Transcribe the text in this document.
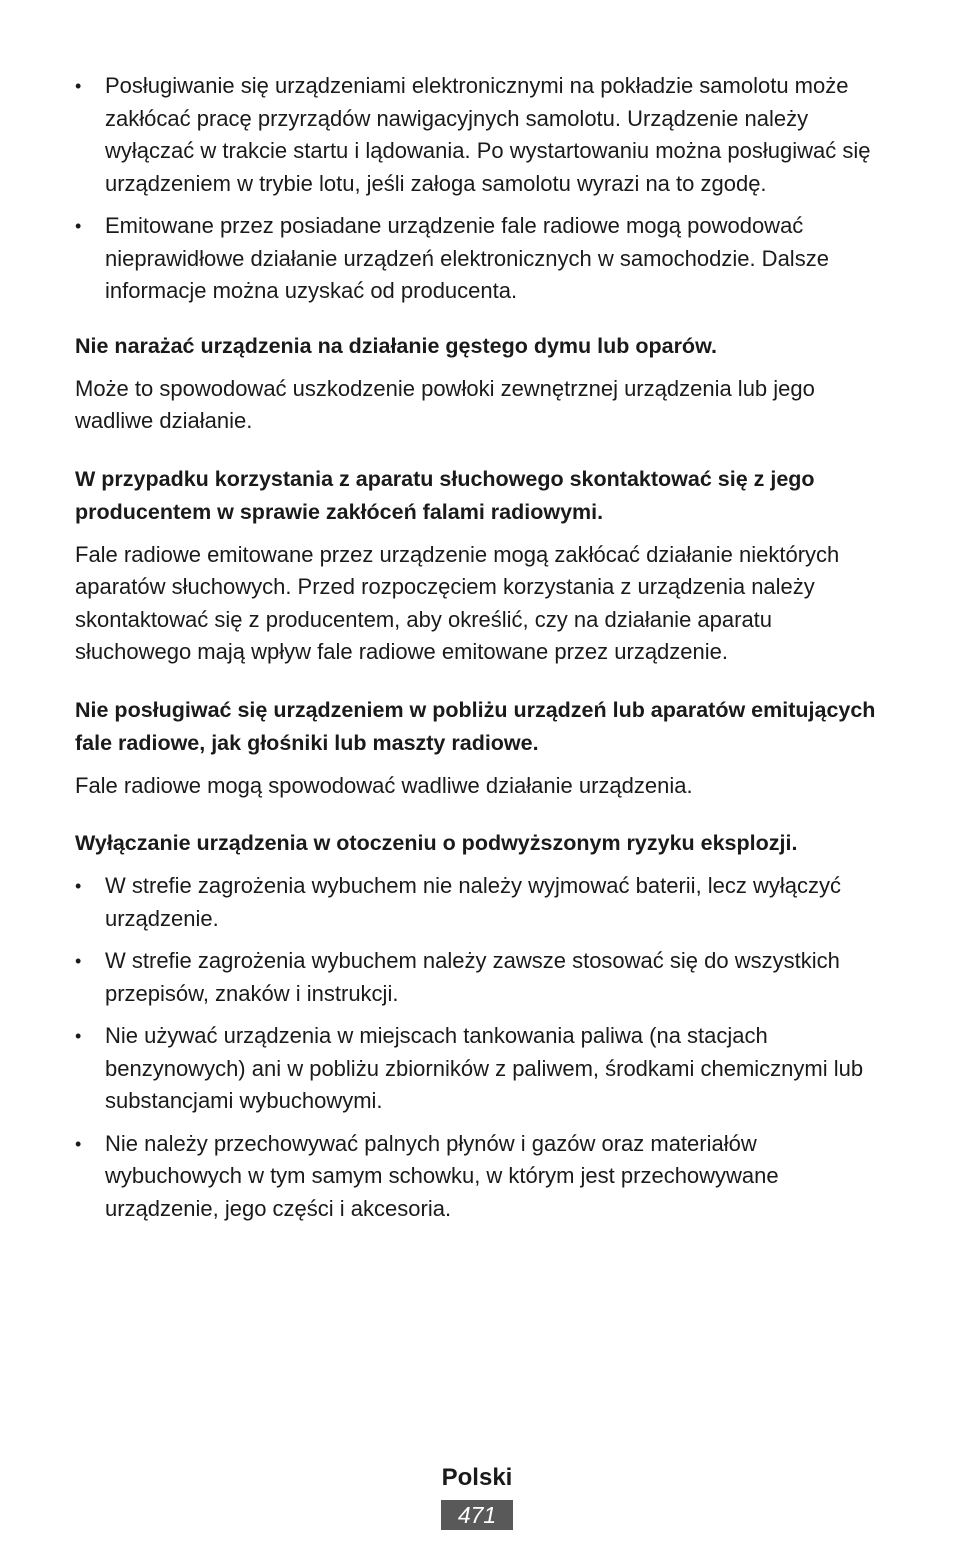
• Posługiwanie się urządzeniami elektronicznymi na pokładzie samolotu może zakłócać pracę przyrządów nawigacyjnych samolotu. Urządzenie należy wyłączać w trakcie startu i lądowania. Po wystartowaniu można posługiwać się urządzeniem w trybie lotu, jeśli załoga samolotu wyrazi na to zgodę.
• Emitowane przez posiadane urządzenie fale radiowe mogą powodować nieprawidłowe działanie urządzeń elektronicznych w samochodzie. Dalsze informacje można uzyskać od producenta.
Nie narażać urządzenia na działanie gęstego dymu lub oparów.

Może to spowodować uszkodzenie powłoki zewnętrznej urządzenia lub jego wadliwe działanie.

W przypadku korzystania z aparatu słuchowego skontaktować się z jego producentem w sprawie zakłóceń falami radiowymi.

Fale radiowe emitowane przez urządzenie mogą zakłócać działanie niektórych aparatów słuchowych. Przed rozpoczęciem korzystania z urządzenia należy skontaktować się z producentem, aby określić, czy na działanie aparatu słuchowego mają wpływ fale radiowe emitowane przez urządzenie.

Nie posługiwać się urządzeniem w pobliżu urządzeń lub aparatów emitujących fale radiowe, jak głośniki lub maszty radiowe.

Fale radiowe mogą spowodować wadliwe działanie urządzenia.

Wyłączanie urządzenia w otoczeniu o podwyższonym ryzyku eksplozji.
• W strefie zagrożenia wybuchem nie należy wyjmować baterii, lecz wyłączyć urządzenie.
• W strefie zagrożenia wybuchem należy zawsze stosować się do wszystkich przepisów, znaków i instrukcji.
• Nie używać urządzenia w miejscach tankowania paliwa (na stacjach benzynowych) ani w pobliżu zbiorników z paliwem, środkami chemicznymi lub substancjami wybuchowymi.
• Nie należy przechowywać palnych płynów i gazów oraz materiałów wybuchowych w tym samym schowku, w którym jest przechowywane urządzenie, jego części i akcesoria.
Polski
471
